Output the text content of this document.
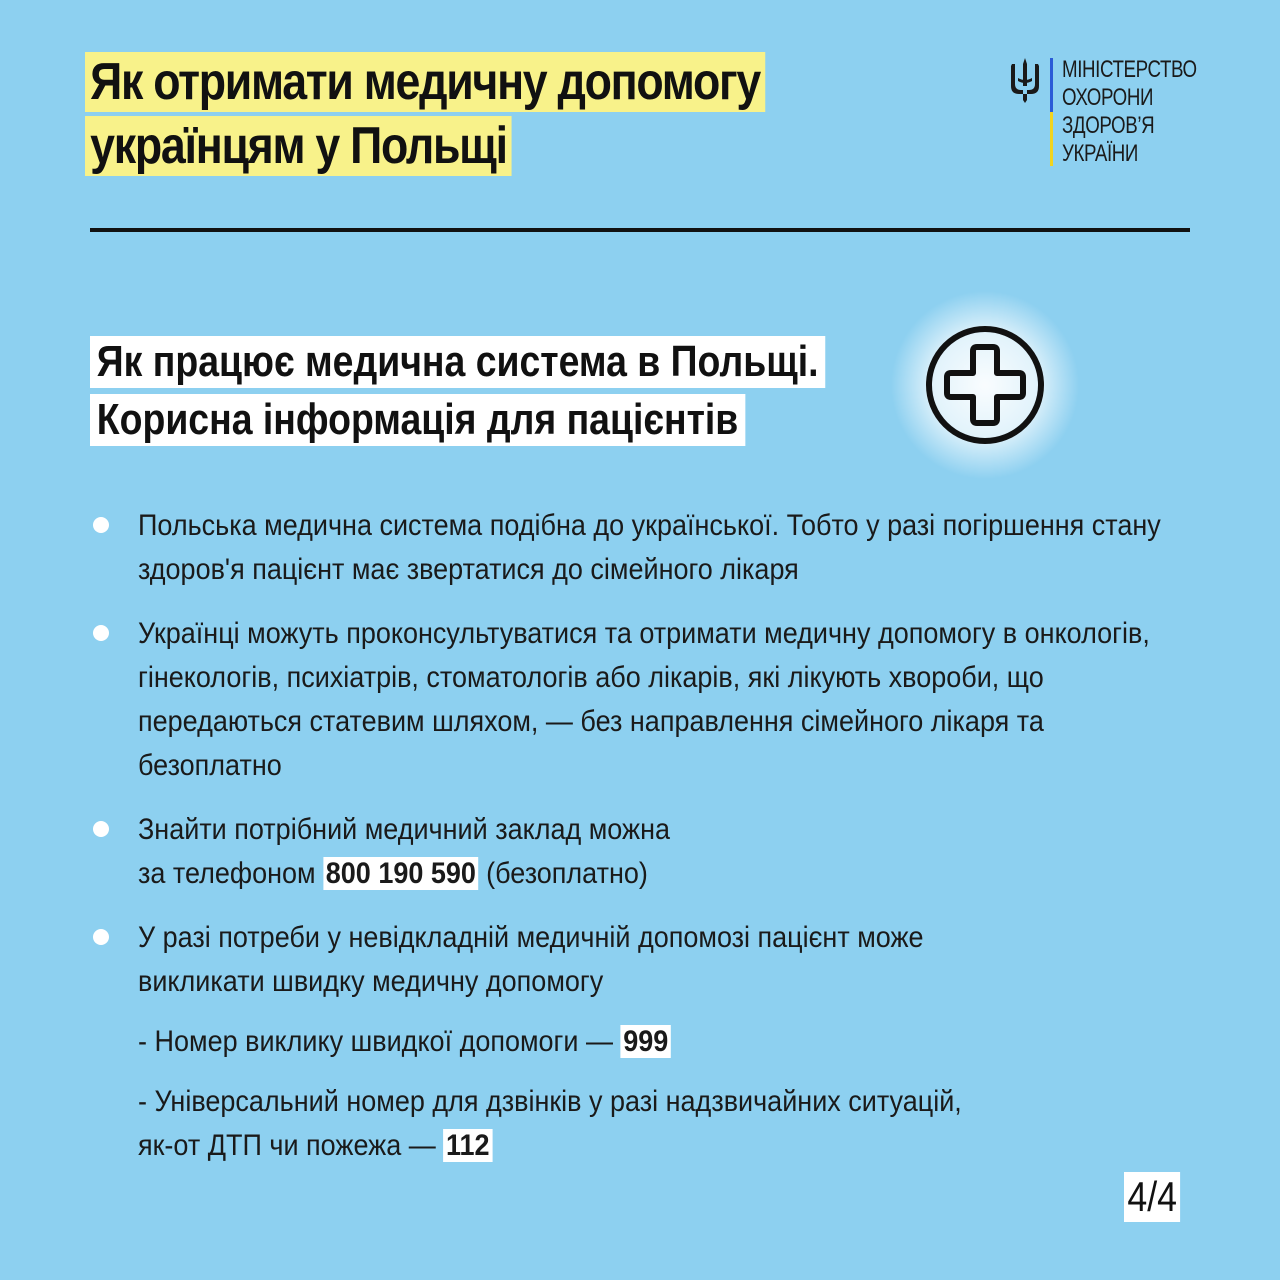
Як отримати медичну допомогу
українцям у Польщі
МІНІСТЕРСТВО
ОХОРОНИ
ЗДОРОВ’Я
УКРАЇНИ
Як працює медична система в Польщі.
Корисна інформація для пацієнтів
Польська медична система подібна до української. Тобто у разі погіршення стану здоров'я пацієнт має звертатися до сімейного лікаря
Українці можуть проконсультуватися та отримати медичну допомогу в онкологів, гінекологів, психіатрів, стоматологів або лікарів, які лікують хвороби, що передаються статевим шляхом, — без направлення сімейного лікаря та безоплатно
Знайти потрібний медичний заклад можна
за телефоном 800 190 590 (безоплатно)
У разі потреби у невідкладній медичній допомозі пацієнт може викликати швидку медичну допомогу
- Номер виклику швидкої допомоги — 999
- Універсальний номер для дзвінків у разі надзвичайних ситуацій,
як-от ДТП чи пожежа — 112
4/4
